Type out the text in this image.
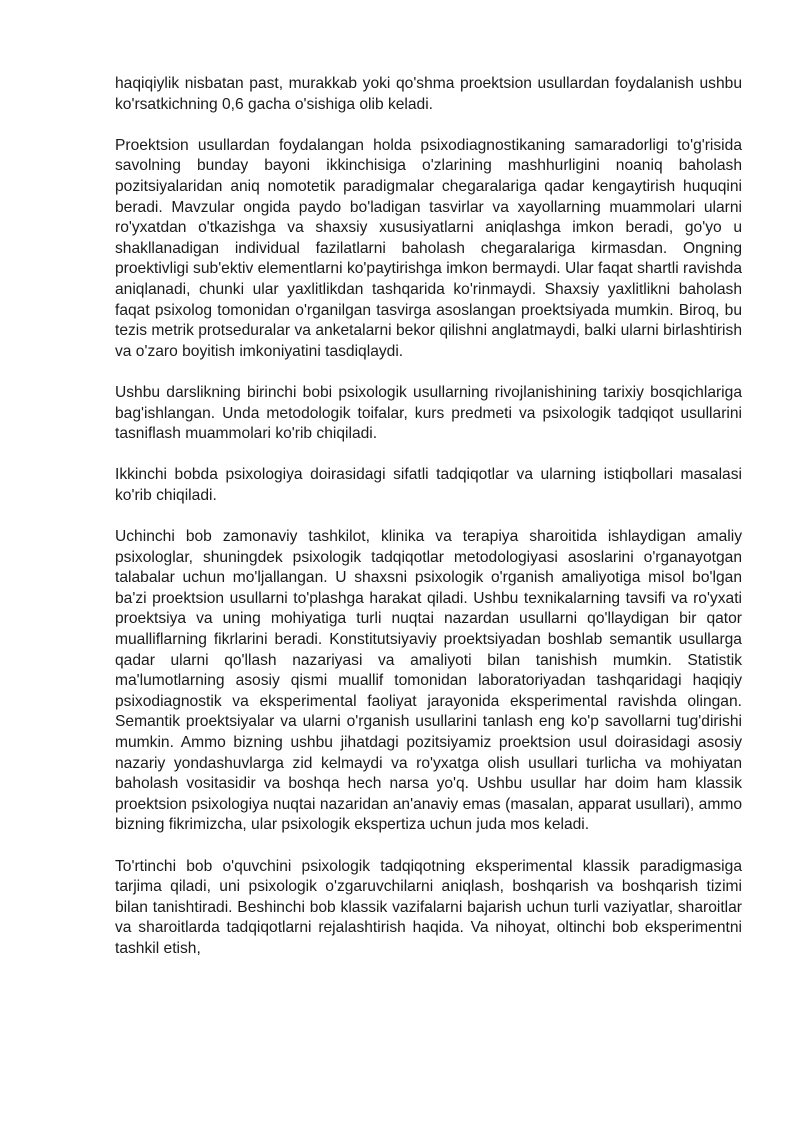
haqiqiylik nisbatan past, murakkab yoki qo'shma proektsion usullardan foydalanish ushbu ko'rsatkichning 0,6 gacha o'sishiga olib keladi.

Proektsion usullardan foydalangan holda psixodiagnostikaning samaradorligi to'g'risida savolning bunday bayoni ikkinchisiga o'zlarining mashhurligini noaniq baholash pozitsiyalaridan aniq nomotetik paradigmalar chegaralariga qadar kengaytirish huquqini beradi. Mavzular ongida paydo bo'ladigan tasvirlar va xayollarning muammolari ularni ro'yxatdan o'tkazishga va shaxsiy xususiyatlarni aniqlashga imkon beradi, go'yo u shakllanadigan individual fazilatlarni baholash chegaralariga kirmasdan. Ongning proektivligi sub'ektiv elementlarni ko'paytirishga imkon bermaydi. Ular faqat shartli ravishda aniqlanadi, chunki ular yaxlitlikdan tashqarida ko'rinmaydi. Shaxsiy yaxlitlikni baholash faqat psixolog tomonidan o'rganilgan tasvirga asoslangan proektsiyada mumkin. Biroq, bu tezis metrik protseduralar va anketalarni bekor qilishni anglatmaydi, balki ularni birlashtirish va o'zaro boyitish imkoniyatini tasdiqlaydi.

Ushbu darslikning birinchi bobi psixologik usullarning rivojlanishining tarixiy bosqichlariga bag'ishlangan. Unda metodologik toifalar, kurs predmeti va psixologik tadqiqot usullarini tasniflash muammolari ko'rib chiqiladi.

Ikkinchi bobda psixologiya doirasidagi sifatli tadqiqotlar va ularning istiqbollari masalasi ko'rib chiqiladi.

Uchinchi bob zamonaviy tashkilot, klinika va terapiya sharoitida ishlaydigan amaliy psixologlar, shuningdek psixologik tadqiqotlar metodologiyasi asoslarini o'rganayotgan talabalar uchun mo'ljallangan. U shaxsni psixologik o'rganish amaliyotiga misol bo'lgan ba'zi proektsion usullarni to'plashga harakat qiladi. Ushbu texnikalarning tavsifi va ro'yxati proektsiya va uning mohiyatiga turli nuqtai nazardan usullarni qo'llaydigan bir qator mualliflarning fikrlarini beradi. Konstitutsiyaviy proektsiyadan boshlab semantik usullarga qadar ularni qo'llash nazariyasi va amaliyoti bilan tanishish mumkin. Statistik ma'lumotlarning asosiy qismi muallif tomonidan laboratoriyadan tashqaridagi haqiqiy psixodiagnostik va eksperimental faoliyat jarayonida eksperimental ravishda olingan. Semantik proektsiyalar va ularni o'rganish usullarini tanlash eng ko'p savollarni tug'dirishi mumkin. Ammo bizning ushbu jihatdagi pozitsiyamiz proektsion usul doirasidagi asosiy nazariy yondashuvlarga zid kelmaydi va ro'yxatga olish usullari turlicha va mohiyatan baholash vositasidir va boshqa hech narsa yo'q. Ushbu usullar har doim ham klassik proektsion psixologiya nuqtai nazaridan an'anaviy emas (masalan, apparat usullari), ammo bizning fikrimizcha, ular psixologik ekspertiza uchun juda mos keladi.

To'rtinchi bob o'quvchini psixologik tadqiqotning eksperimental klassik paradigmasiga tarjima qiladi, uni psixologik o'zgaruvchilarni aniqlash, boshqarish va boshqarish tizimi bilan tanishtiradi. Beshinchi bob klassik vazifalarni bajarish uchun turli vaziyatlar, sharoitlar va sharoitlarda tadqiqotlarni rejalashtirish haqida. Va nihoyat, oltinchi bob eksperimentni tashkil etish,
